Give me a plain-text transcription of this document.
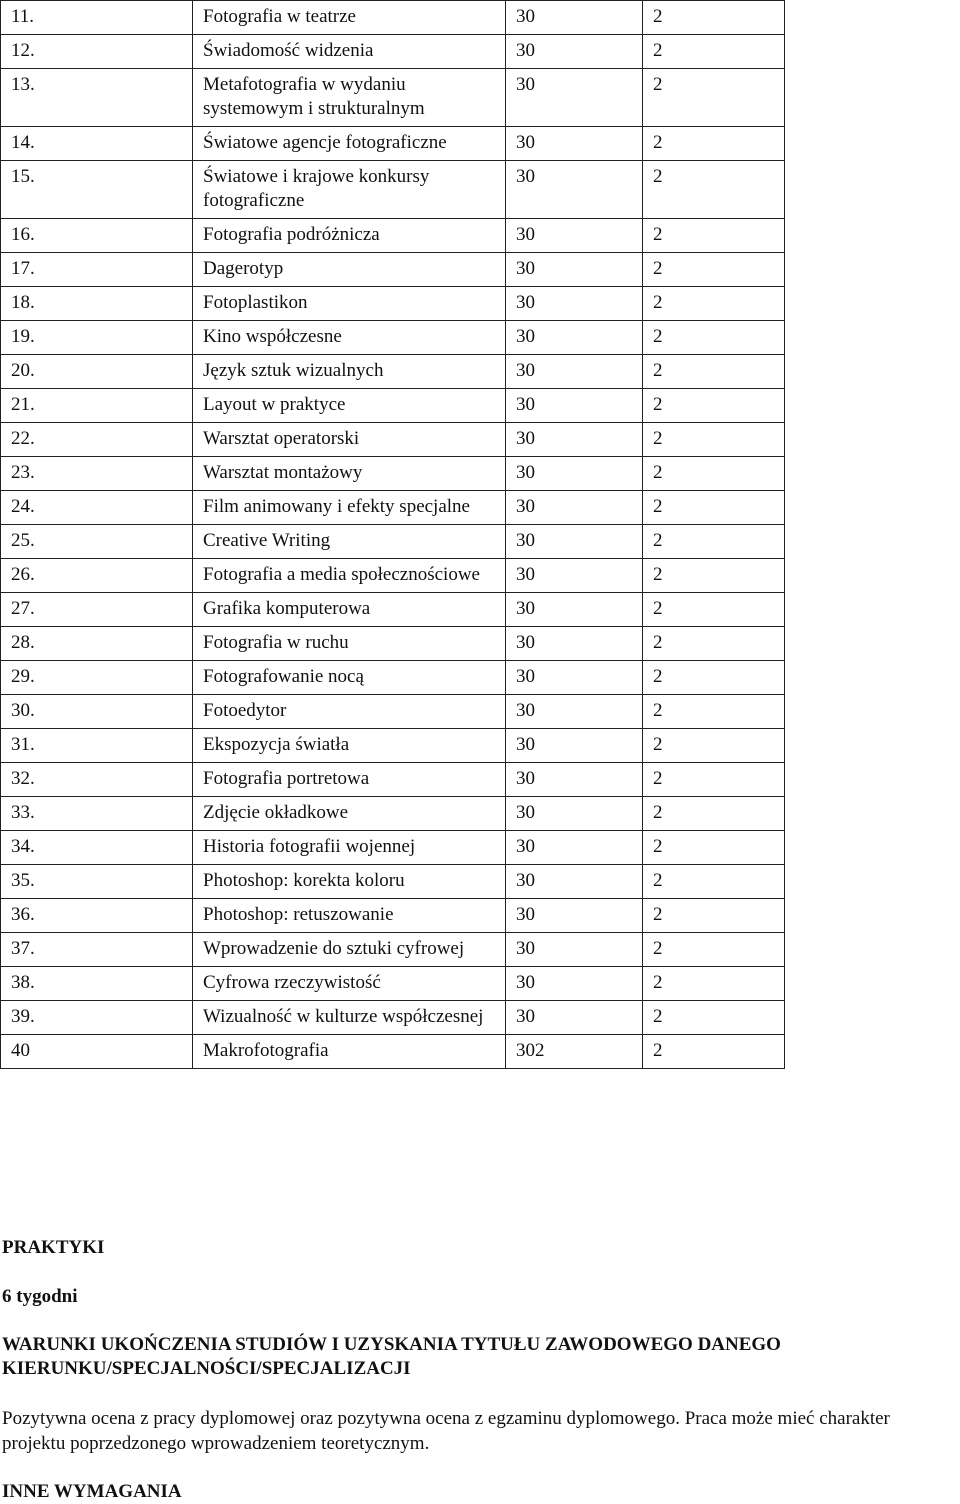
11.	Fotografia w teatrze	30	2
12.	Świadomość widzenia	30	2
13.	Metafotografia w wydaniu systemowym i strukturalnym	30	2
14.	Światowe agencje fotograficzne	30	2
15.	Światowe i krajowe konkursy fotograficzne	30	2
16.	Fotografia podróżnicza	30	2
17.	Dagerotyp	30	2
18.	Fotoplastikon	30	2
19.	Kino współczesne	30	2
20.	Język sztuk wizualnych	30	2
21.	Layout w praktyce	30	2
22.	Warsztat operatorski	30	2
23.	Warsztat montażowy	30	2
24.	Film animowany i efekty specjalne	30	2
25.	Creative Writing	30	2
26.	Fotografia a media społecznościowe	30	2
27.	Grafika komputerowa	30	2
28.	Fotografia w ruchu	30	2
29.	Fotografowanie nocą	30	2
30.	Fotoedytor	30	2
31.	Ekspozycja światła	30	2
32.	Fotografia portretowa	30	2
33.	Zdjęcie okładkowe	30	2
34.	Historia fotografii wojennej	30	2
35.	Photoshop: korekta koloru	30	2
36.	Photoshop: retuszowanie	30	2
37.	Wprowadzenie do sztuki cyfrowej	30	2
38.	Cyfrowa rzeczywistość	30	2
39.	Wizualność w kulturze współczesnej	30	2
40	Makrofotografia	302	2
PRAKTYKI
6 tygodni
WARUNKI UKOŃCZENIA STUDIÓW I UZYSKANIA TYTUŁU ZAWODOWEGO DANEGO KIERUNKU/SPECJALNOŚCI/SPECJALIZACJI
Pozytywna ocena z pracy dyplomowej oraz pozytywna ocena z egzaminu dyplomowego. Praca może mieć charakter projektu poprzedzonego wprowadzeniem teoretycznym.
INNE WYMAGANIA
